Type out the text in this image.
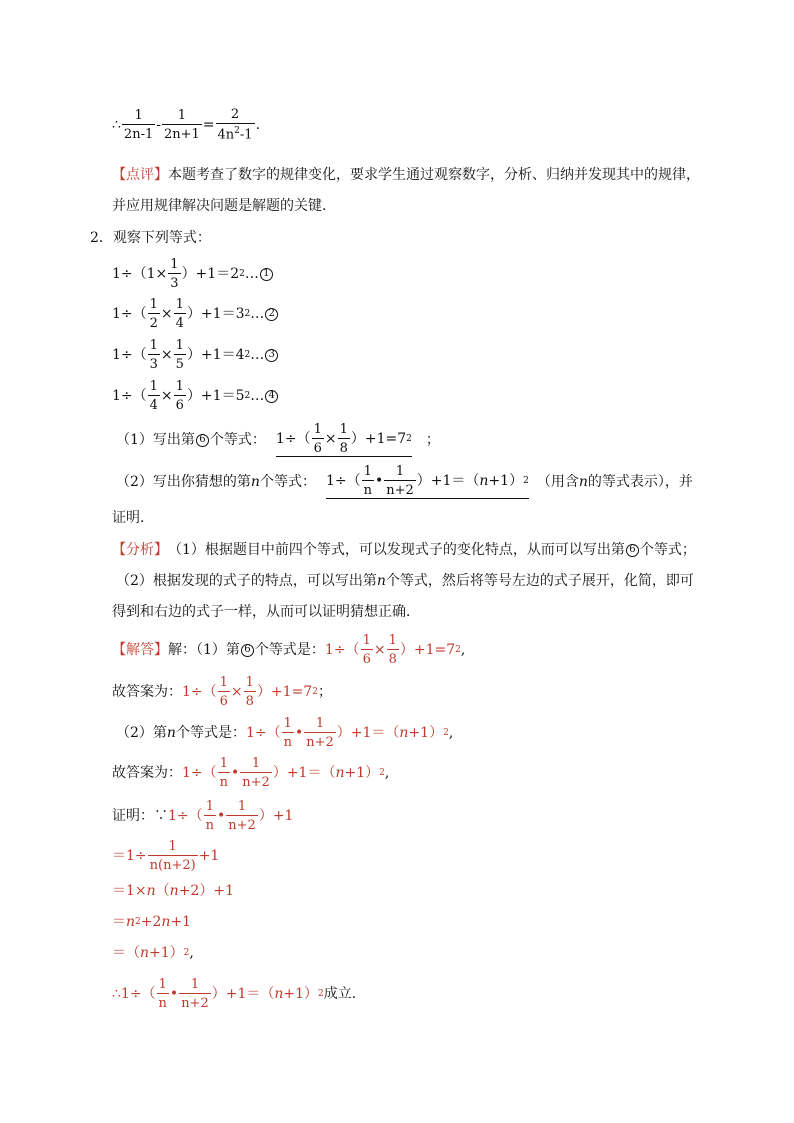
∴ $\frac{1}{2n-1} - \frac{1}{2n+1} = \frac{2}{4n^2-1}$ .
【点评】 本题考查了数字的规律变化，要求学生通过观察数字，分析、归纳并发现其中的规律，
并应用规律解决问题是解题的关键．
2． 观察下列等式：
$1\div(1\times \frac{1}{3} )+1=2$ 2 … 1
$1\div( \frac{1}{2} \times \frac{1}{4} )+1=3$ 2 … 2
$1\div( \frac{1}{3} \times \frac{1}{5} )+1=4$ 2 … 3
$1\div( \frac{1}{4} \times \frac{1}{6} )+1=5$ 2 … 4
（1）写出第 6 个等式： $1\div( \frac{1}{6} \times \frac{1}{8} )+1=7$ 2 ；
（2）写出你猜想的第 n 个等式： $1\div( \frac{1}{n}$ • $\frac{1}{n+2} )+1=$（ n +1） 2 （用含 n 的等式表示），并
证明．
【分析】 （1）根据题目中前四个等式，可以发现式子的变化特点，从而可以写出第 6 个等式；
（2）根据发现的式子的特点，可以写出第 n 个等式，然后将等号左边的式子展开，化简，即可
得到和右边的式子一样，从而可以证明猜想正确．
【解答】 解：（1）第 6 个等式是： $1\div( \frac{1}{6} \times \frac{1}{8} )+1=7$ 2 ,
故答案为： $1\div( \frac{1}{6} \times \frac{1}{8} )+1=7$ 2 ；
（2）第 n 个等式是： $1\div( \frac{1}{n}$ • $\frac{1}{n+2} )+1=$（ n +1） 2 ,
故答案为： $1\div( \frac{1}{n}$ • $\frac{1}{n+2} )+1=$（ n +1） 2 ,
证明：∵ $1\div( \frac{1}{n}$ • $\frac{1}{n+2} )+1$
$=1\div \frac{1}{n(n+2)} +1$
＝1× n （ n +2）+1
＝ n 2 +2 n +1
＝（ n +1） 2 ,
∴1÷（ $\frac{1}{n}$ • $\frac{1}{n+2} )+1=$（ n +1） 2 成立．
